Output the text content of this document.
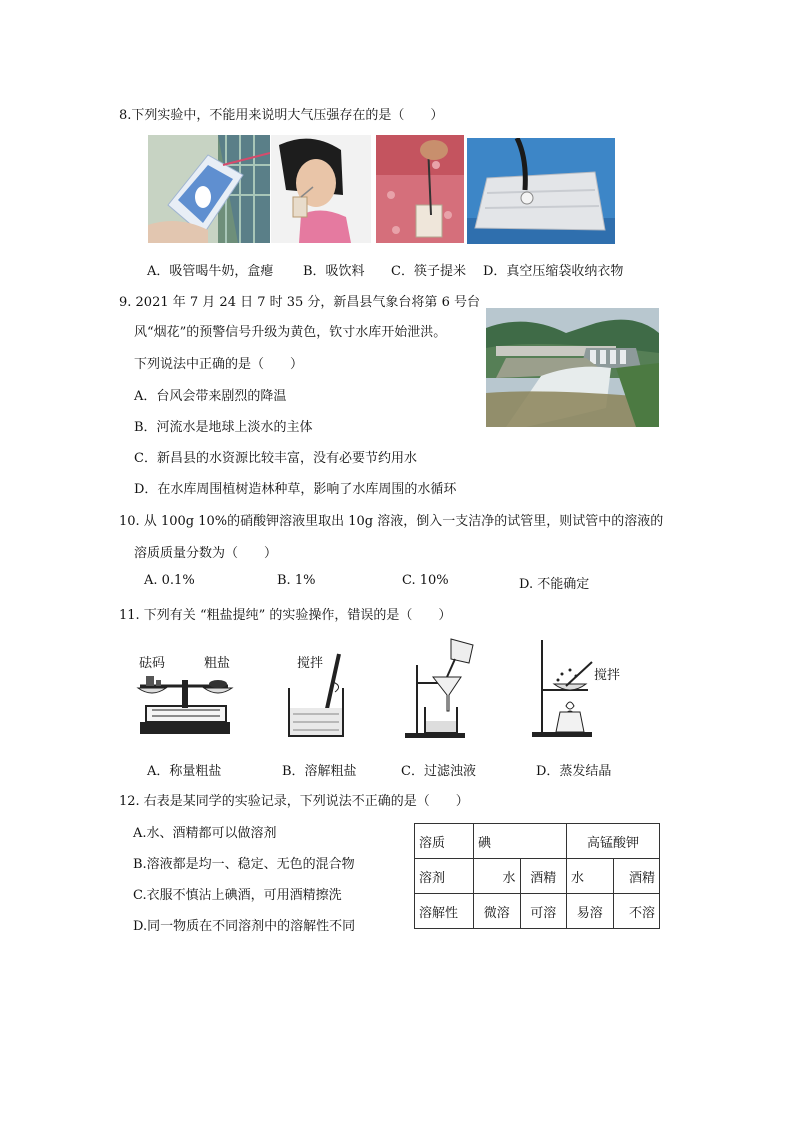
8.下列实验中，不能用来说明大气压强存在的是（　　）
A．吸管喝牛奶，盒瘪 B．吸饮料 C．筷子提米 D．真空压缩袋收纳衣物
9. 2021 年 7 月 24 日 7 时 35 分，新昌县气象台将第 6 号台
风“烟花”的预警信号升级为黄色，钦寸水库开始泄洪。
下列说法中正确的是（　　）
A．台风会带来剧烈的降温
B．河流水是地球上淡水的主体
C．新昌县的水资源比较丰富，没有必要节约用水
D．在水库周围植树造林种草，影响了水库周围的水循环
10. 从 100g 10%的硝酸钾溶液里取出 10g 溶液，倒入一支洁净的试管里，则试管中的溶液的
溶质质量分数为（　　）
A. 0.1%	B. 1%	C. 10%	D. 不能确定
11. 下列有关 “粗盐提纯” 的实验操作，错误的是（　　）
砝码	粗盐	搅拌
搅拌
A．称量粗盐	B．溶解粗盐	C．过滤浊液	D．蒸发结晶
12. 右表是某同学的实验记录，下列说法不正确的是（　　）
A.水、酒精都可以做溶剂
B.溶液都是均一、稳定、无色的混合物
C.衣服不慎沾上碘酒，可用酒精擦洗
D.同一物质在不同溶剂中的溶解性不同
溶质	碘		高锰酸钾	
溶剂	水	酒精	水	酒精
溶解性	微溶	可溶	易溶	不溶
